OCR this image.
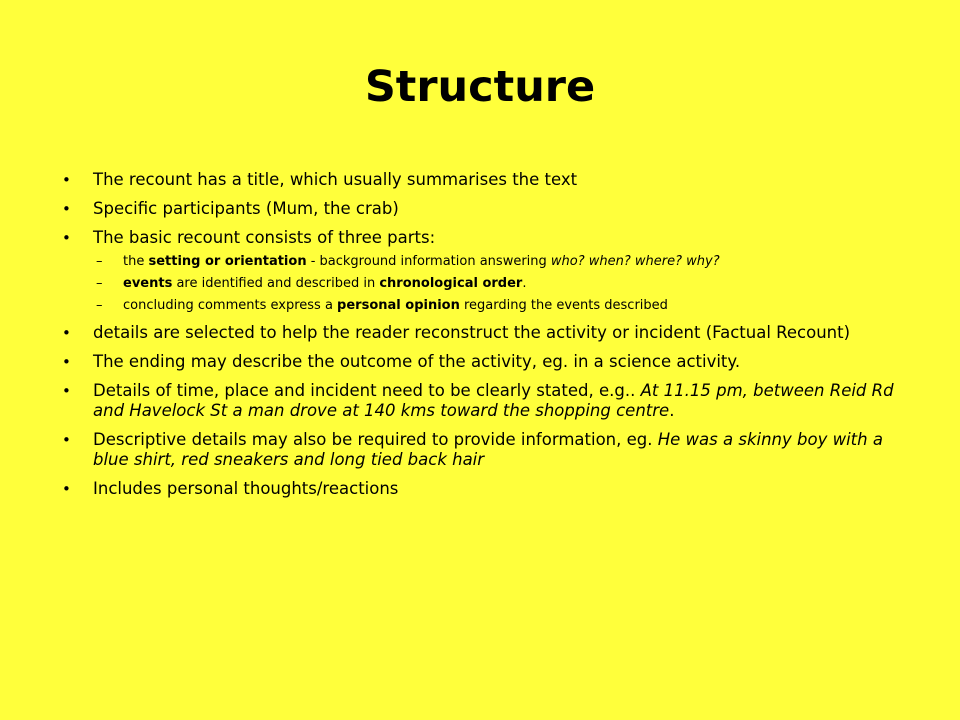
Structure
•	The recount has a title, which usually summarises the text
•	Specific participants (Mum, the crab)
•	The basic recount consists of three parts:
– the setting or orientation - background information answering who? when? where? why?
– events are identified and described in chronological order.
– concluding comments express a personal opinion regarding the events described
•	details are selected to help the reader reconstruct the activity or incident (Factual Recount)
•	The ending may describe the outcome of the activity, eg. in a science activity.
•	Details of time, place and incident need to be clearly stated, e.g.. At 11.15 pm, between Reid Rd and Havelock St a man drove at 140 kms toward the shopping centre.
•	Descriptive details may also be required to provide information, eg. He was a skinny boy with a blue shirt, red sneakers and long tied back hair
•	Includes personal thoughts/reactions
